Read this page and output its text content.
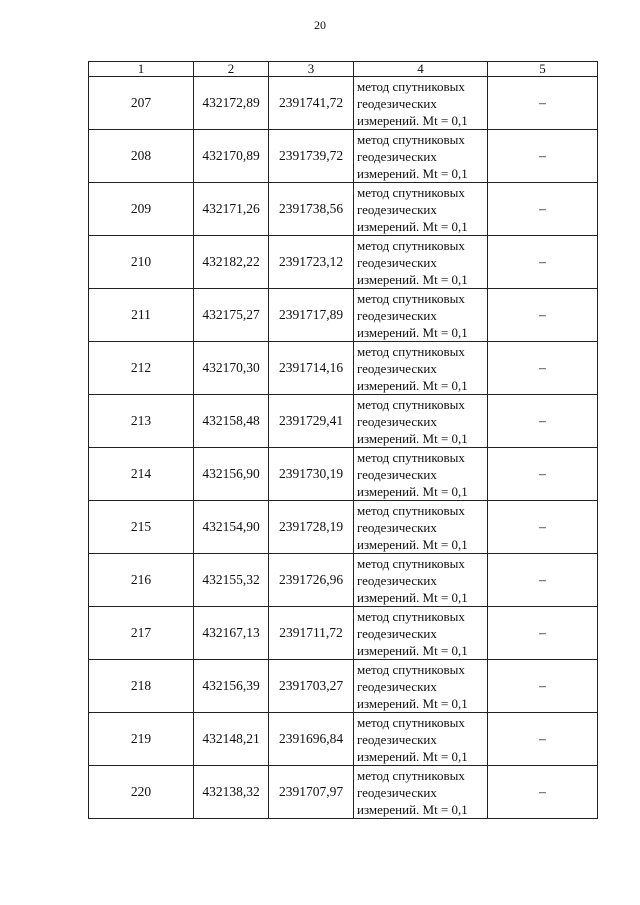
20
1	2	3	4	5
207	432172,89	2391741,72	метод спутниковых
геодезических
измерений. Mt = 0,1	–
208	432170,89	2391739,72	метод спутниковых
геодезических
измерений. Mt = 0,1	–
209	432171,26	2391738,56	метод спутниковых
геодезических
измерений. Mt = 0,1	–
210	432182,22	2391723,12	метод спутниковых
геодезических
измерений. Mt = 0,1	–
211	432175,27	2391717,89	метод спутниковых
геодезических
измерений. Mt = 0,1	–
212	432170,30	2391714,16	метод спутниковых
геодезических
измерений. Mt = 0,1	–
213	432158,48	2391729,41	метод спутниковых
геодезических
измерений. Mt = 0,1	–
214	432156,90	2391730,19	метод спутниковых
геодезических
измерений. Mt = 0,1	–
215	432154,90	2391728,19	метод спутниковых
геодезических
измерений. Mt = 0,1	–
216	432155,32	2391726,96	метод спутниковых
геодезических
измерений. Mt = 0,1	–
217	432167,13	2391711,72	метод спутниковых
геодезических
измерений. Mt = 0,1	–
218	432156,39	2391703,27	метод спутниковых
геодезических
измерений. Mt = 0,1	–
219	432148,21	2391696,84	метод спутниковых
геодезических
измерений. Mt = 0,1	–
220	432138,32	2391707,97	метод спутниковых
геодезических
измерений. Mt = 0,1	–
